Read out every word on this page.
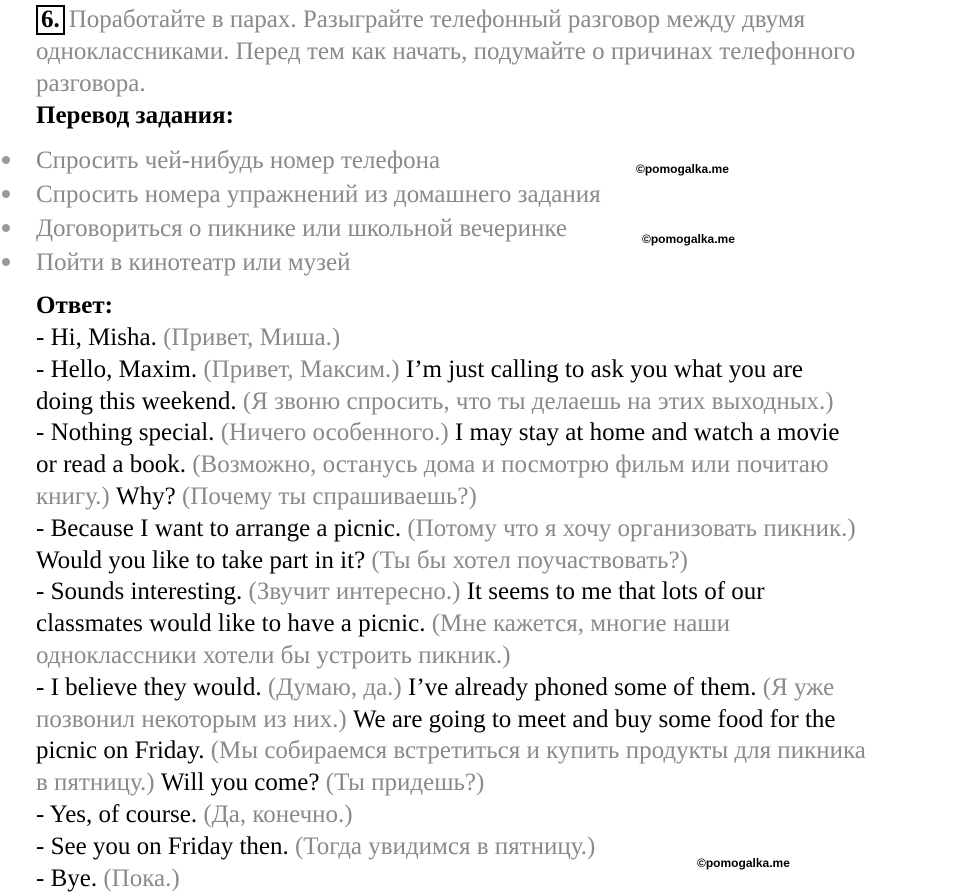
6. Поработайте в парах. Разыграйте телефонный разговор между двумя
одноклассниками. Перед тем как начать, подумайте о причинах телефонного
разговора.
Перевод задания:
Спросить чей-нибудь номер телефона
Спросить номера упражнений из домашнего задания
Договориться о пикнике или школьной вечеринке
Пойти в кинотеатр или музей
©pomogalka.me
©pomogalka.me
Ответ:
- Hi, Misha. (Привет, Миша.)
- Hello, Maxim. (Привет, Максим.) I’m just calling to ask you what you are
doing this weekend. (Я звоню спросить, что ты делаешь на этих выходных.)
- Nothing special. (Ничего особенного.) I may stay at home and watch a movie
or read a book. (Возможно, останусь дома и посмотрю фильм или почитаю
книгу.) Why? (Почему ты спрашиваешь?)
- Because I want to arrange a picnic. (Потому что я хочу организовать пикник.)
Would you like to take part in it? (Ты бы хотел поучаствовать?)
- Sounds interesting. (Звучит интересно.) It seems to me that lots of our
classmates would like to have a picnic. (Мне кажется, многие наши
одноклассники хотели бы устроить пикник.)
- I believe they would. (Думаю, да.) I’ve already phoned some of them. (Я уже
позвонил некоторым из них.) We are going to meet and buy some food for the
picnic on Friday. (Мы собираемся встретиться и купить продукты для пикника
в пятницу.) Will you come? (Ты придешь?)
- Yes, of course. (Да, конечно.)
- See you on Friday then. (Тогда увидимся в пятницу.)
- Bye. (Пока.)
©pomogalka.me
